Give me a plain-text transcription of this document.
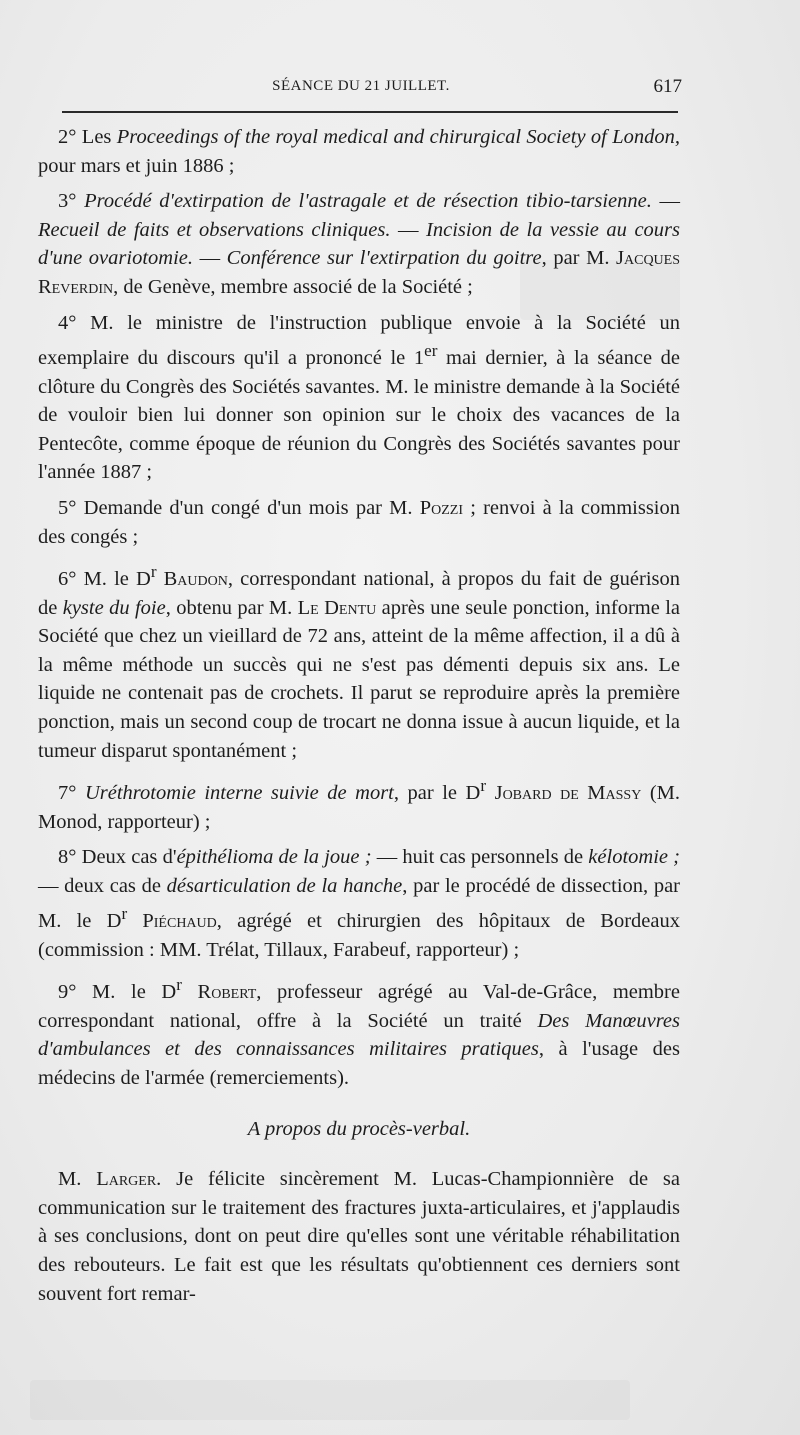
SÉANCE DU 21 JUILLET.	617

2° Les Proceedings of the royal medical and chirurgical Society of London, pour mars et juin 1886 ;

3° Procédé d'extirpation de l'astragale et de résection tibio-tarsienne. — Recueil de faits et observations cliniques. — Incision de la vessie au cours d'une ovariotomie. — Conférence sur l'extirpation du goitre, par M. Jacques Reverdin, de Genève, membre associé de la Société ;

4° M. le ministre de l'instruction publique envoie à la Société un exemplaire du discours qu'il a prononcé le 1er mai dernier, à la séance de clôture du Congrès des Sociétés savantes. M. le ministre demande à la Société de vouloir bien lui donner son opinion sur le choix des vacances de la Pentecôte, comme époque de réunion du Congrès des Sociétés savantes pour l'année 1887 ;

5° Demande d'un congé d'un mois par M. Pozzi ; renvoi à la commission des congés ;

6° M. le $D^r$ Baudon, correspondant national, à propos du fait de guérison de kyste du foie, obtenu par M. Le Dentu après une seule ponction, informe la Société que chez un vieillard de 72 ans, atteint de la même affection, il a dû à la même méthode un succès qui ne s'est pas démenti depuis six ans. Le liquide ne contenait pas de crochets. Il parut se reproduire après la première ponction, mais un second coup de trocart ne donna issue à aucun liquide, et la tumeur disparut spontanément ;

7° Uréthrotomie interne suivie de mort, par le $D^r$ Jobard de Massy (M. Monod, rapporteur) ;

8° Deux cas d'épithélioma de la joue ; — huit cas personnels de kélotomie ; — deux cas de désarticulation de la hanche, par le procédé de dissection, par M. le $D^r$ Piéchaud, agrégé et chirurgien des hôpitaux de Bordeaux (commission : MM. Trélat, Tillaux, Farabeuf, rapporteur) ;

9° M. le $D^r$ Robert, professeur agrégé au Val-de-Grâce, membre correspondant national, offre à la Société un traité Des Manœuvres d'ambulances et des connaissances militaires pratiques, à l'usage des médecins de l'armée (remerciements).

A propos du procès-verbal.

M. Larger. Je félicite sincèrement M. Lucas-Championnière de sa communication sur le traitement des fractures juxta-articulaires, et j'applaudis à ses conclusions, dont on peut dire qu'elles sont une véritable réhabilitation des rebouteurs. Le fait est que les résultats qu'obtiennent ces derniers sont souvent fort remar-
